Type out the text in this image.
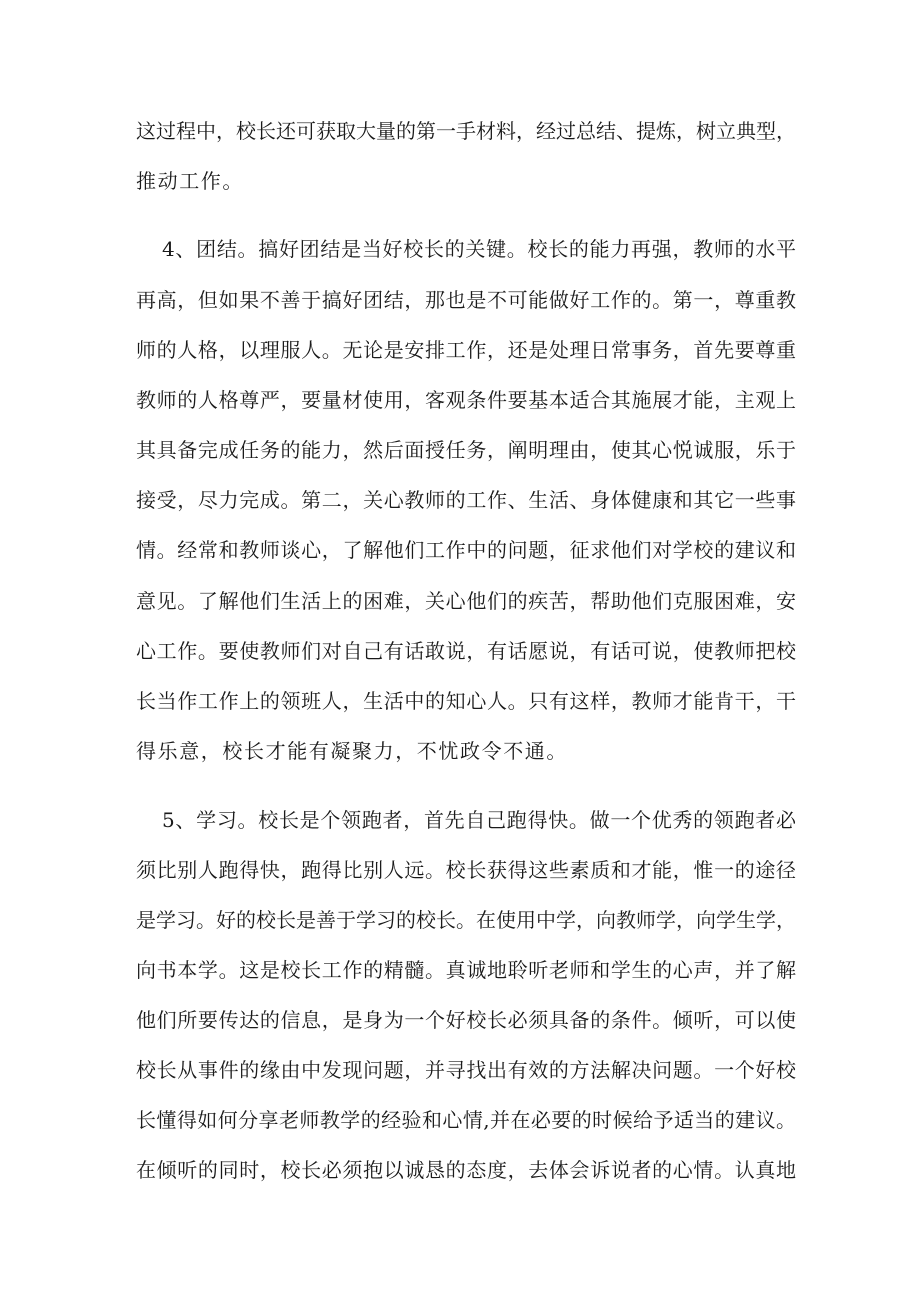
这过程中，校长还可获取大量的第一手材料，经过总结、提炼，树立典型，

推动工作。

4、团结。搞好团结是当好校长的关键。校长的能力再强，教师的水平

再高，但如果不善于搞好团结，那也是不可能做好工作的。第一，尊重教

师的人格，以理服人。无论是安排工作，还是处理日常事务，首先要尊重

教师的人格尊严，要量材使用，客观条件要基本适合其施展才能，主观上

其具备完成任务的能力，然后面授任务，阐明理由，使其心悦诚服，乐于

接受，尽力完成。第二，关心教师的工作、生活、身体健康和其它一些事

情。经常和教师谈心，了解他们工作中的问题，征求他们对学校的建议和

意见。了解他们生活上的困难，关心他们的疾苦，帮助他们克服困难，安

心工作。要使教师们对自己有话敢说，有话愿说，有话可说，使教师把校

长当作工作上的领班人，生活中的知心人。只有这样，教师才能肯干，干

得乐意，校长才能有凝聚力，不忧政令不通。

5、学习。校长是个领跑者，首先自己跑得快。做一个优秀的领跑者必

须比别人跑得快，跑得比别人远。校长获得这些素质和才能，惟一的途径

是学习。好的校长是善于学习的校长。在使用中学，向教师学，向学生学，

向书本学。这是校长工作的精髓。真诚地聆听老师和学生的心声，并了解

他们所要传达的信息，是身为一个好校长必须具备的条件。倾听，可以使

校长从事件的缘由中发现问题，并寻找出有效的方法解决问题。一个好校

长懂得如何分享老师教学的经验和心情,并在必要的时候给予适当的建议。

在倾听的同时，校长必须抱以诚恳的态度，去体会诉说者的心情。认真地
